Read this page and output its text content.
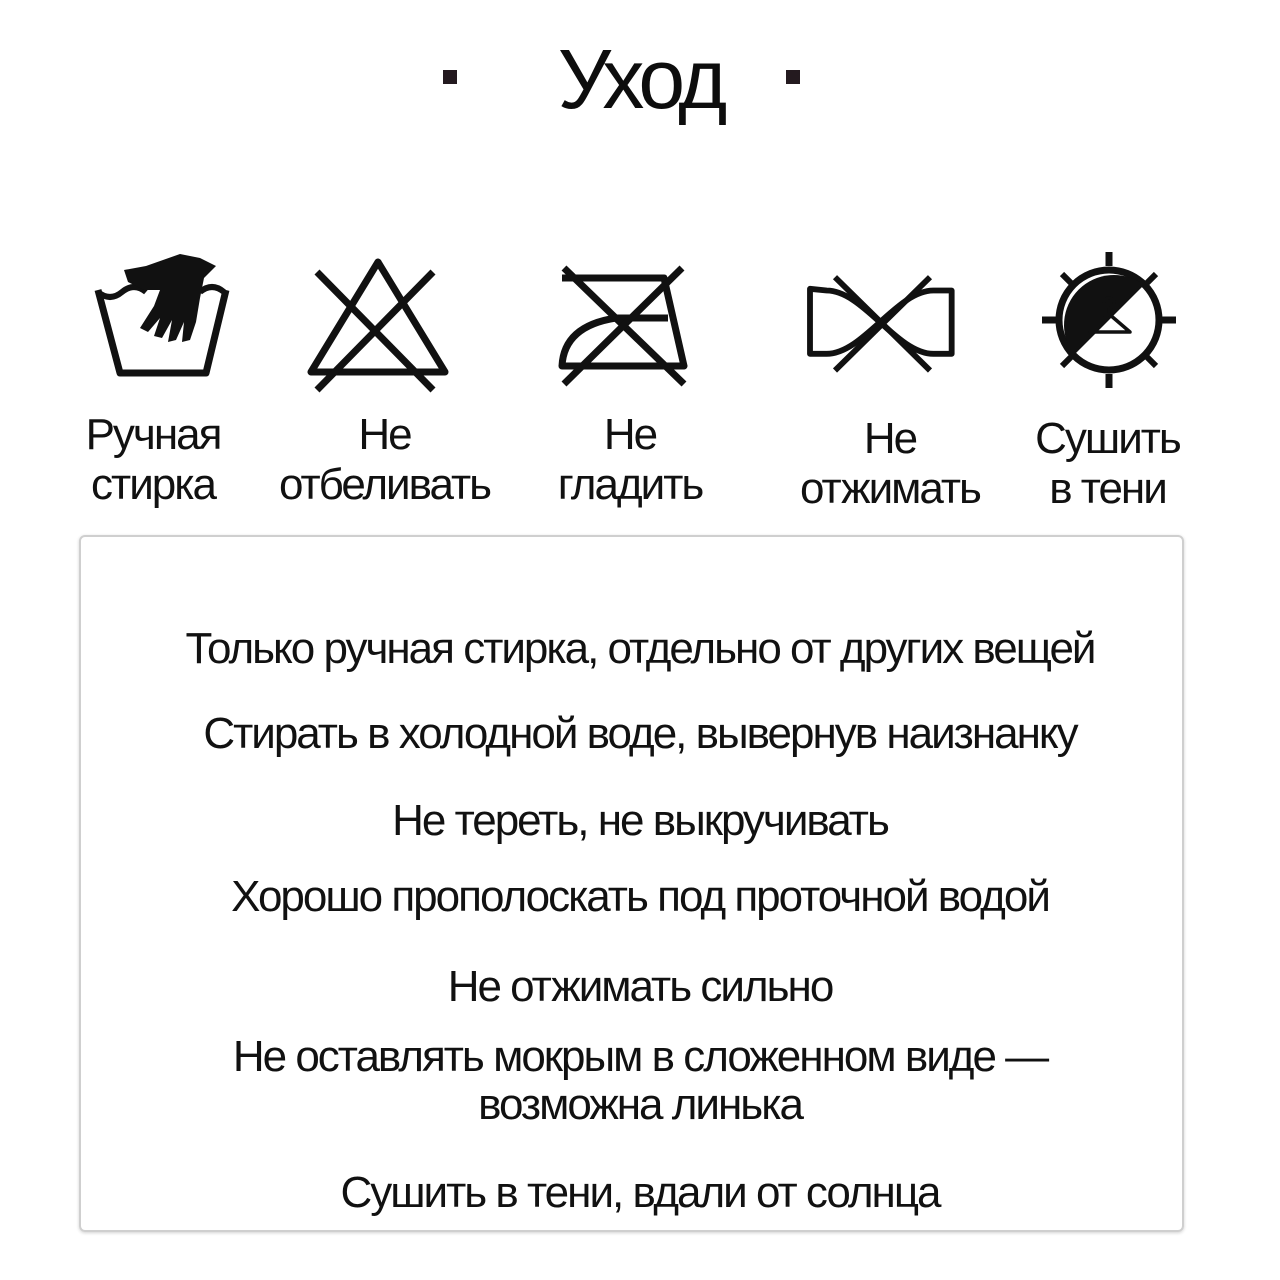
Уход
Ручная
стирка
Не
отбеливать
Не
гладить
Не
отжимать
Сушить
в тени
Только ручная стирка, отдельно от других вещей
Стирать в холодной воде, вывернув наизнанку
Не тереть, не выкручивать
Хорошо прополоскать под проточной водой
Не отжимать сильно
Не оставлять мокрым в сложенном виде —
возможна линька
Сушить в тени, вдали от солнца
